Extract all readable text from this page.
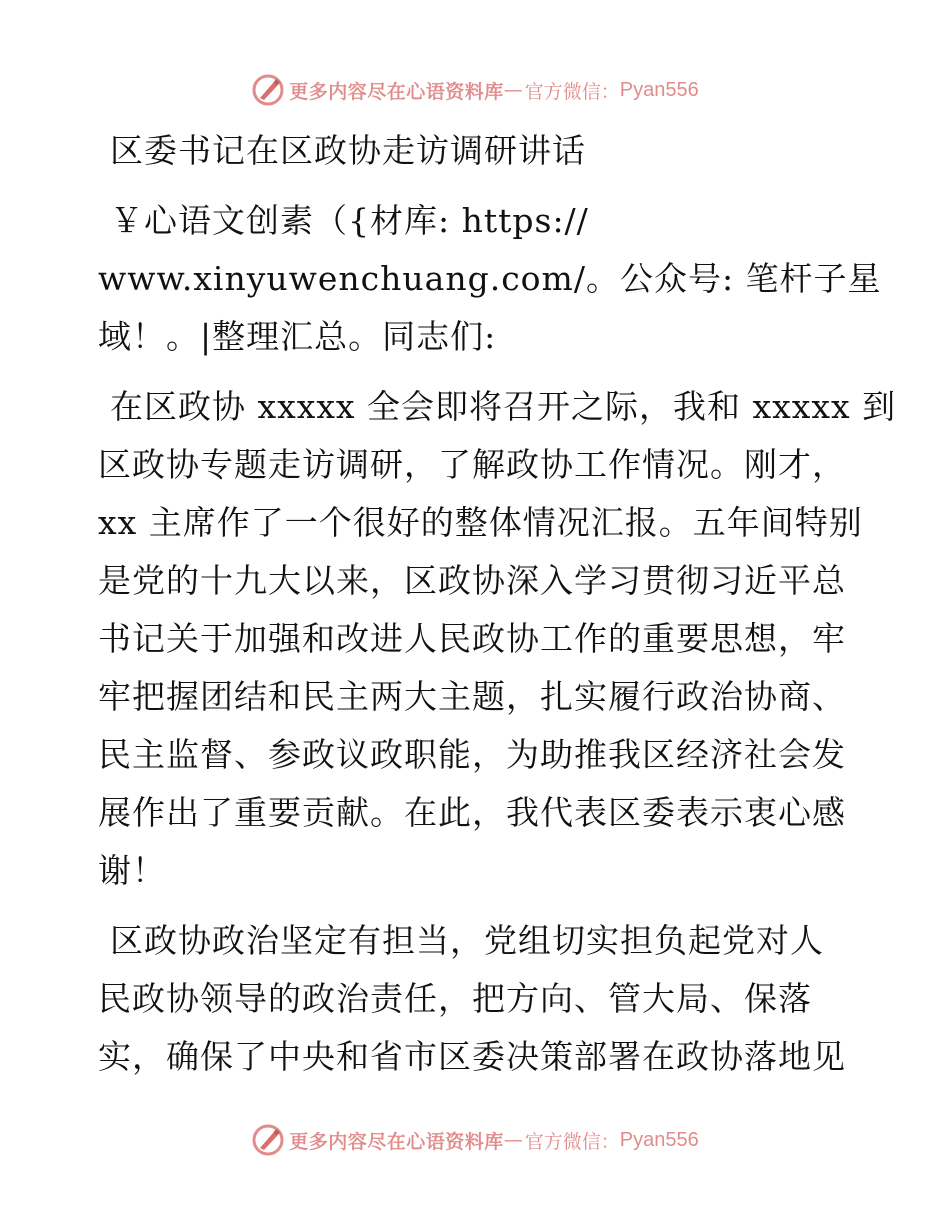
更多内容尽在心语资料库 — 官方微信： Pyan556
区委书记在区政协走访调研讲话
￥心语文创素（{材库: https://
www.xinyuwenchuang.com/。公众号: 笔杆子星
域！。|整理汇总。同志们:
在区政协 xxxxx 全会即将召开之际，我和 xxxxx 到
区政协专题走访调研，了解政协工作情况。刚才，
xx 主席作了一个很好的整体情况汇报。五年间特别
是党的十九大以来，区政协深入学习贯彻习近平总
书记关于加强和改进人民政协工作的重要思想，牢
牢把握团结和民主两大主题，扎实履行政治协商、
民主监督、参政议政职能，为助推我区经济社会发
展作出了重要贡献。在此，我代表区委表示衷心感
谢！
区政协政治坚定有担当，党组切实担负起党对人
民政协领导的政治责任，把方向、管大局、保落
实，确保了中央和省市区委决策部署在政协落地见
更多内容尽在心语资料库 — 官方微信： Pyan556
